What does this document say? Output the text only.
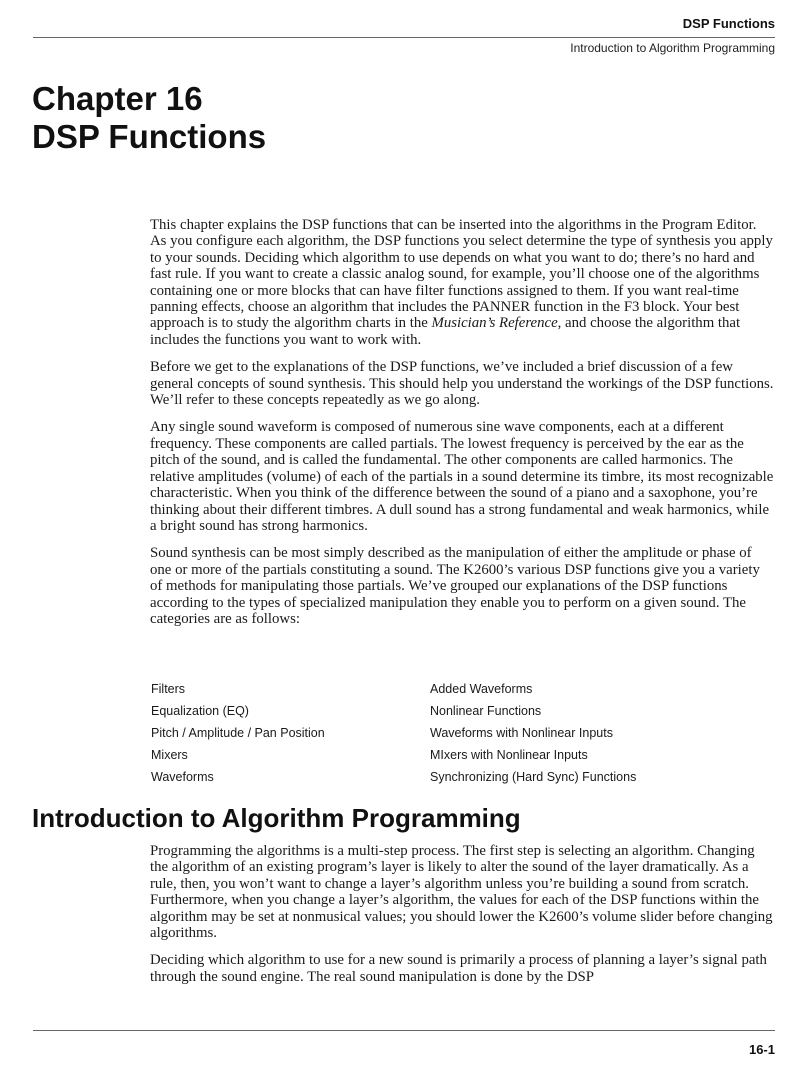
DSP Functions
Introduction to Algorithm Programming
Chapter 16
DSP Functions

This chapter explains the DSP functions that can be inserted into the algorithms in the Program Editor. As you configure each algorithm, the DSP functions you select determine the type of synthesis you apply to your sounds. Deciding which algorithm to use depends on what you want to do; there’s no hard and fast rule. If you want to create a classic analog sound, for example, you’ll choose one of the algorithms containing one or more blocks that can have filter functions assigned to them. If you want real-time panning effects, choose an algorithm that includes the PANNER function in the F3 block. Your best approach is to study the algorithm charts in the Musician’s Reference, and choose the algorithm that includes the functions you want to work with.

Before we get to the explanations of the DSP functions, we’ve included a brief discussion of a few general concepts of sound synthesis. This should help you understand the workings of the DSP functions. We’ll refer to these concepts repeatedly as we go along.

Any single sound waveform is composed of numerous sine wave components, each at a different frequency. These components are called partials. The lowest frequency is perceived by the ear as the pitch of the sound, and is called the fundamental. The other components are called harmonics. The relative amplitudes (volume) of each of the partials in a sound determine its timbre, its most recognizable characteristic. When you think of the difference between the sound of a piano and a saxophone, you’re thinking about their different timbres. A dull sound has a strong fundamental and weak harmonics, while a bright sound has strong harmonics.

Sound synthesis can be most simply described as the manipulation of either the amplitude or phase of one or more of the partials constituting a sound. The K2600’s various DSP functions give you a variety of methods for manipulating those partials. We’ve grouped our explanations of the DSP functions according to the types of specialized manipulation they enable you to perform on a given sound. The categories are as follows:

Filters	Added Waveforms
Equalization (EQ)	Nonlinear Functions
Pitch / Amplitude / Pan Position	Waveforms with Nonlinear Inputs
Mixers	MIxers with Nonlinear Inputs
Waveforms	Synchronizing (Hard Sync) Functions
Introduction to Algorithm Programming

Programming the algorithms is a multi-step process. The first step is selecting an algorithm. Changing the algorithm of an existing program’s layer is likely to alter the sound of the layer dramatically. As a rule, then, you won’t want to change a layer’s algorithm unless you’re building a sound from scratch. Furthermore, when you change a layer’s algorithm, the values for each of the DSP functions within the algorithm may be set at nonmusical values; you should lower the K2600’s volume slider before changing algorithms.

Deciding which algorithm to use for a new sound is primarily a process of planning a layer’s signal path through the sound engine. The real sound manipulation is done by the DSP

16-1
